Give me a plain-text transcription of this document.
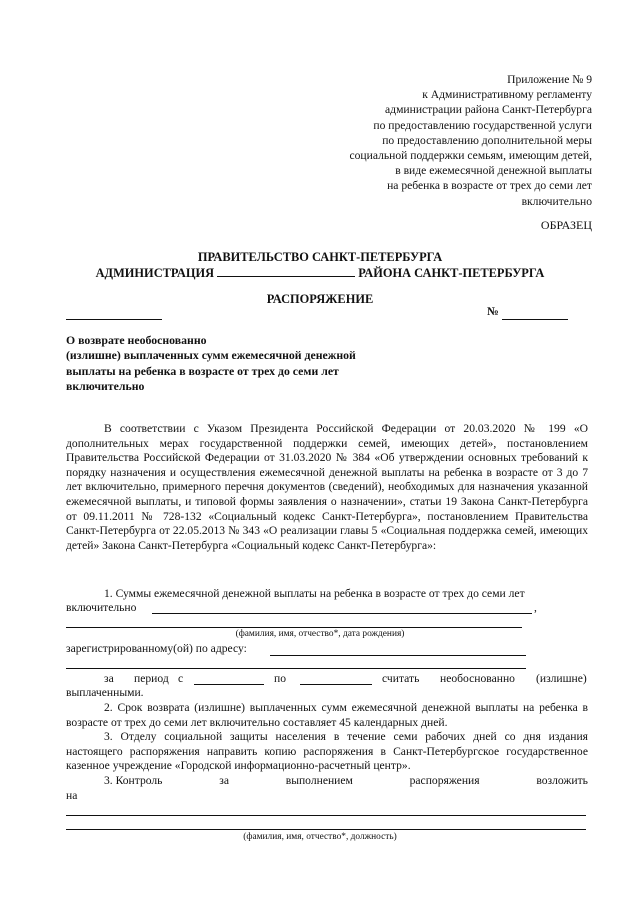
Приложение № 9
к Административному регламенту
администрации района Санкт-Петербурга
по предоставлению государственной услуги
по предоставлению дополнительной меры
социальной поддержки семьям, имеющим детей,
в виде ежемесячной денежной выплаты
на ребенка в возрасте от трех до семи лет
включительно
ОБРАЗЕЦ
ПРАВИТЕЛЬСТВО САНКТ-ПЕТЕРБУРГА
АДМИНИСТРАЦИЯ	РАЙОНА САНКТ-ПЕТЕРБУРГА
РАСПОРЯЖЕНИЕ
№
О возврате необоснованно
(излишне) выплаченных сумм ежемесячной денежной
выплаты на ребенка в возрасте от трех до семи лет
включительно
В соответствии с Указом Президента Российской Федерации от 20.03.2020 № 199 «О дополнительных мерах государственной поддержки семей, имеющих детей», постановлением Правительства Российской Федерации от 31.03.2020 № 384 «Об утверждении основных требований к порядку назначения и осуществления ежемесячной денежной выплаты на ребенка в возрасте от 3 до 7 лет включительно, примерного перечня документов (сведений), необходимых для назначения указанной ежемесячной выплаты, и типовой формы заявления о назначении», статьи 19 Закона Санкт-Петербурга от 09.11.2011 № 728-132 «Социальный кодекс Санкт-Петербурга», постановлением Правительства Санкт-Петербурга от 22.05.2013 № 343 «О реализации главы 5 «Социальная поддержка семей, имеющих детей» Закона Санкт-Петербурга «Социальный кодекс Санкт-Петербурга»:
1. Суммы ежемесячной денежной выплаты на ребенка в возрасте от трех до семи лет
включительно	,
(фамилия, имя, отчество*, дата рождения)
зарегистрированному(ой) по адресу:
за период с	по	считать необоснованно (излишне)
выплаченными.
2. Срок возврата (излишне) выплаченных сумм ежемесячной денежной выплаты на ребенка в возрасте от трех до семи лет включительно составляет 45 календарных дней.
3. Отделу социальной защиты населения в течение семи рабочих дней со дня издания настоящего распоряжения направить копию распоряжения в Санкт-Петербургское государственное казенное учреждение «Городской информационно-расчетный центр».
3. Контроль	за	выполнением	распоряжения	возложить
на
(фамилия, имя, отчество*, должность)
